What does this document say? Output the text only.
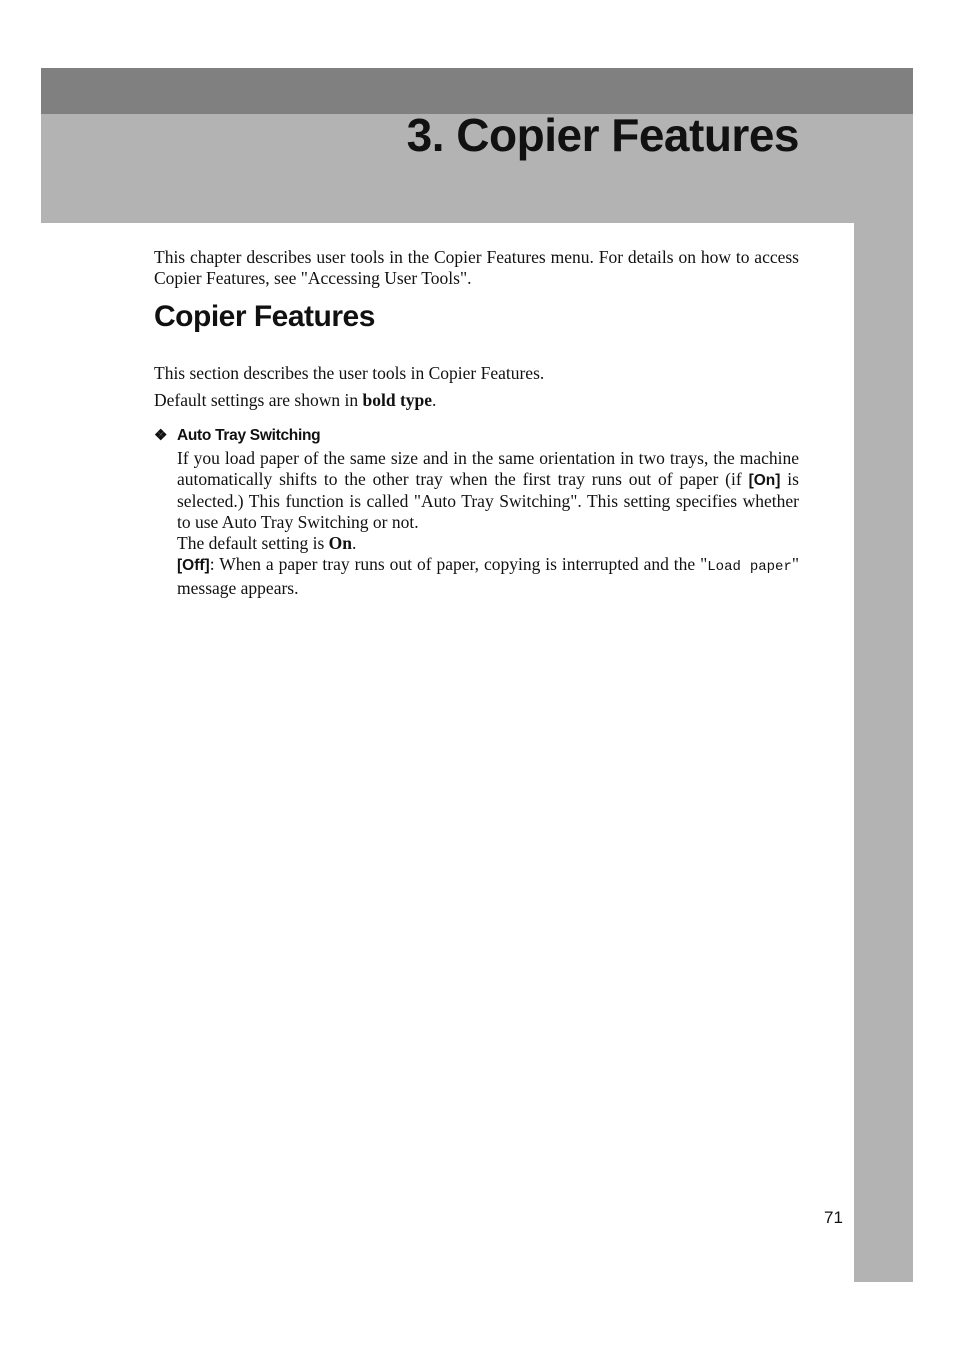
3. Copier Features

This chapter describes user tools in the Copier Features menu. For details on how to access Copier Features, see "Accessing User Tools".

Copier Features

This section describes the user tools in Copier Features.

Default settings are shown in bold type.

❖ Auto Tray Switching

If you load paper of the same size and in the same orientation in two trays, the machine automatically shifts to the other tray when the first tray runs out of paper (if [On] is selected.) This function is called "Auto Tray Switching". This setting specifies whether to use Auto Tray Switching or not.

The default setting is On.

[Off]: When a paper tray runs out of paper, copying is interrupted and the "Load paper" message appears.

71
